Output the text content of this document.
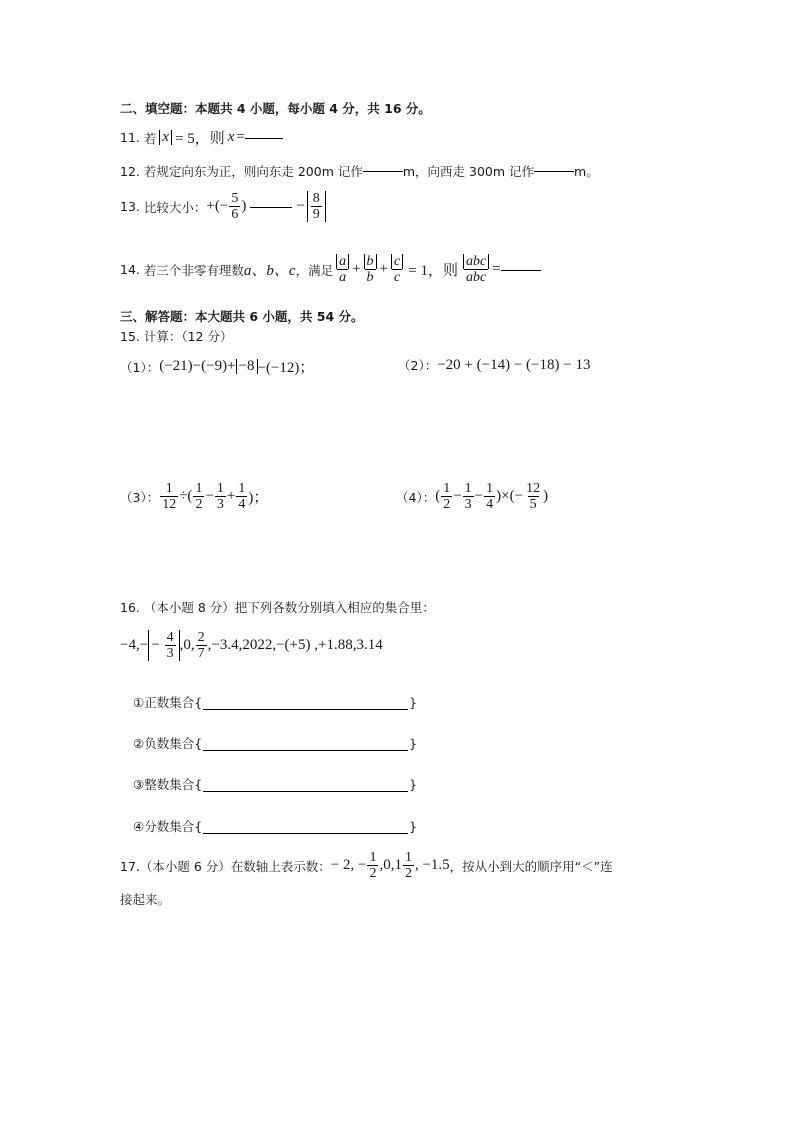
二、填空题：本题共 4 小题，每小题 4 分，共 16 分。
11.
若 x = 5，则 x =
12.
若规定向东为正，则向东走 200m 记作	m，向西走 300m 记作	m。
13.
比较大小： +(− $\frac{5}{6}$ )	− $\frac{8}{9}$
14.
若三个非零有理数 a、b、c ，满足 $\frac{a}{a} + \frac{b}{b} + \frac{c}{c} = 1$，则 $\frac{\text{abc}}{\text{abc}}$ =
三、解答题：本大题共 6 小题，共 54 分。
15. 计算：（12 分）
（1）： (−21)−(−9)+ −8 −(−12)；	（2）： −20 + (−14) − (−18) − 13
（3）： $\frac{1}{12}$ ÷( $\frac{1}{2} - \frac{1}{3} + \frac{1}{4}$ )；	（4）： ( $\frac{1}{2} - \frac{1}{3} - \frac{1}{4}$ )×(− $\frac{12}{5}$ )
16. （本小题 8 分）把下列各数分别填入相应的集合里：
−4, − − $\frac{4}{3} ,0$, $\frac{2}{7} ,-3.4,2022,-(+5)$ ,+1.88,3.14
①正数集合{	}
②负数集合{	}
③整数集合{	}
④分数集合{	}
17.（本小题 6 分）在数轴上表示数： − 2, − $\frac{1}{2} ,0,1 \frac{1}{2}$ , −1.5 ，按从小到大的顺序用“＜”连
接起来。
